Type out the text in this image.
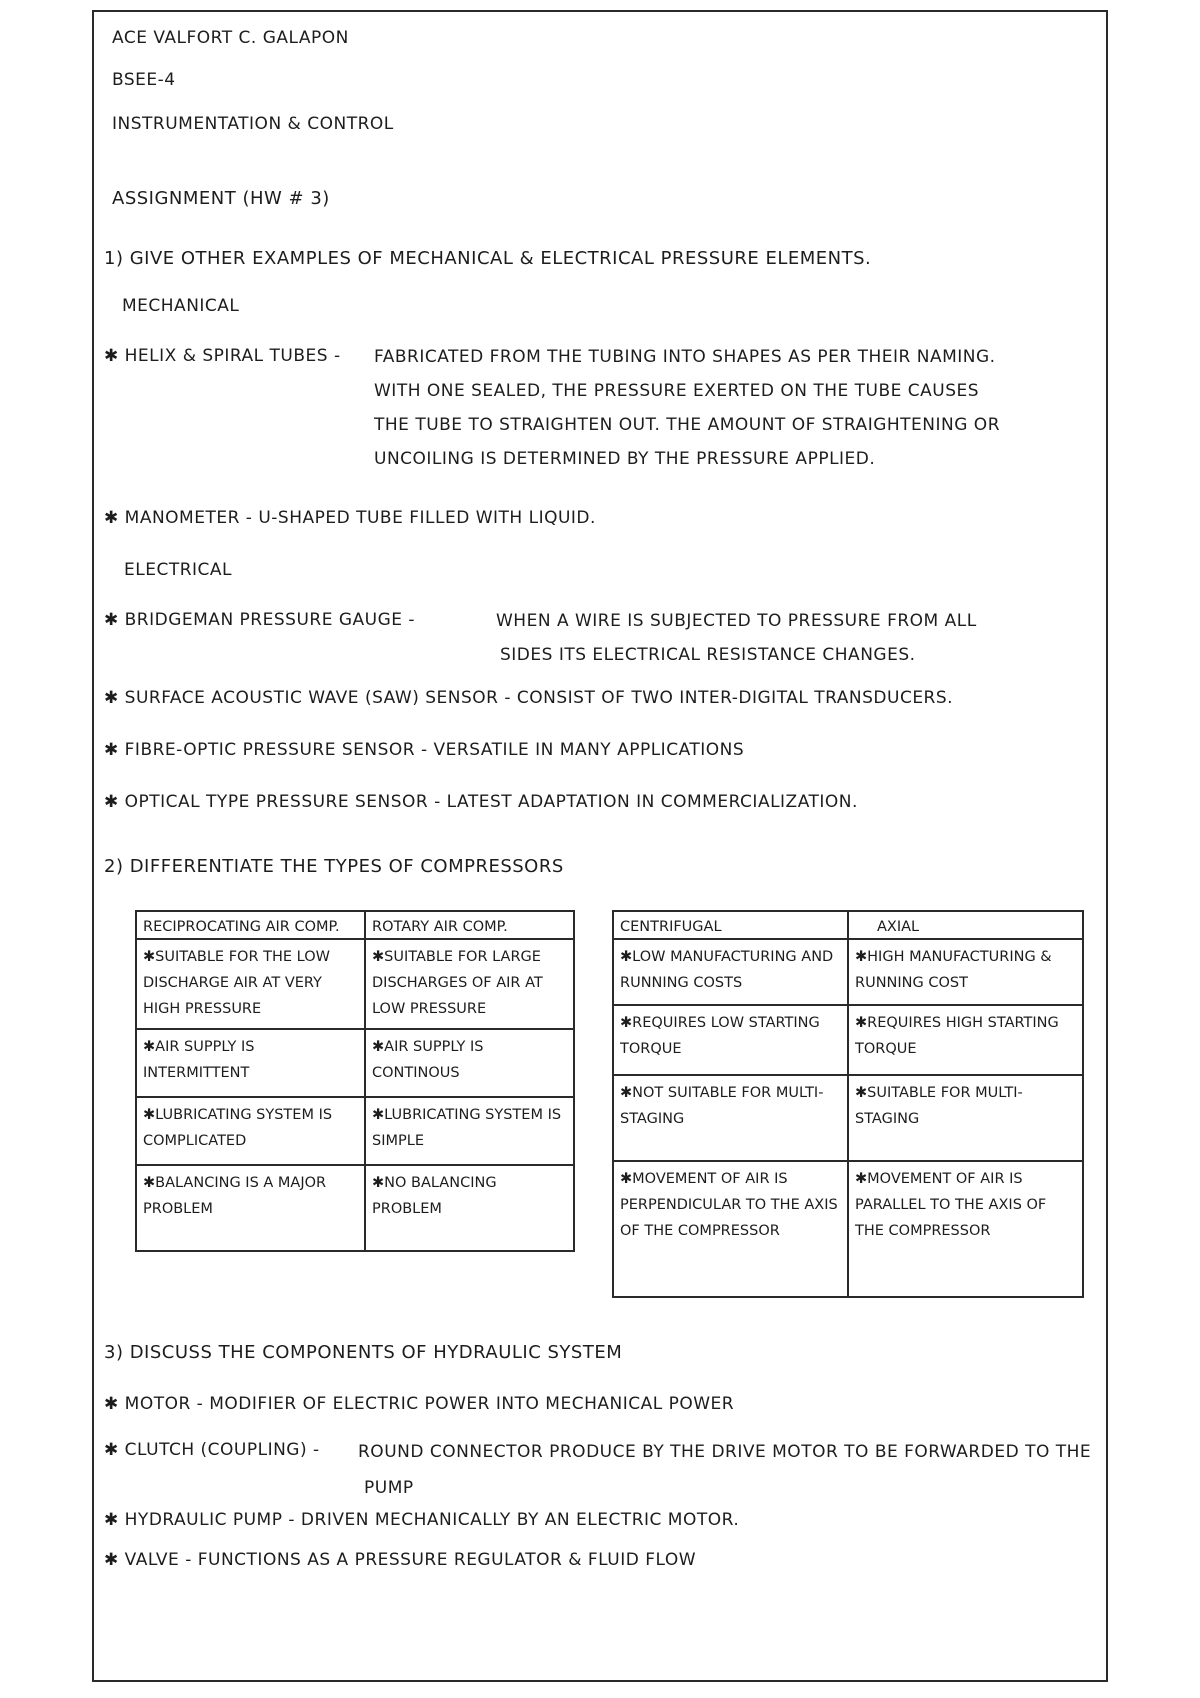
ACE VALFORT C. GALAPON
BSEE-4
INSTRUMENTATION & CONTROL
ASSIGNMENT (HW # 3)
1) GIVE OTHER EXAMPLES OF MECHANICAL & ELECTRICAL PRESSURE ELEMENTS.
MECHANICAL
✱ HELIX & SPIRAL TUBES - FABRICATED FROM THE TUBING INTO SHAPES AS PER THEIR NAMING.
WITH ONE SEALED, THE PRESSURE EXERTED ON THE TUBE CAUSES
THE TUBE TO STRAIGHTEN OUT. THE AMOUNT OF STRAIGHTENING OR
UNCOILING IS DETERMINED BY THE PRESSURE APPLIED.
✱ MANOMETER - U-SHAPED TUBE FILLED WITH LIQUID.
ELECTRICAL
✱ BRIDGEMAN PRESSURE GAUGE -	WHEN A WIRE IS SUBJECTED TO PRESSURE FROM ALL
SIDES ITS ELECTRICAL RESISTANCE CHANGES.
✱ SURFACE ACOUSTIC WAVE (SAW) SENSOR - CONSIST OF TWO INTER-DIGITAL TRANSDUCERS.
✱ FIBRE-OPTIC PRESSURE SENSOR - VERSATILE IN MANY APPLICATIONS
✱ OPTICAL TYPE PRESSURE SENSOR - LATEST ADAPTATION IN COMMERCIALIZATION.
2) DIFFERENTIATE THE TYPES OF COMPRESSORS
RECIPROCATING AIR COMP.	ROTARY AIR COMP.
✱ SUITABLE FOR THE LOW DISCHARGE AIR AT VERY HIGH PRESSURE	✱ SUITABLE FOR LARGE DISCHARGES OF AIR AT LOW PRESSURE
✱ AIR SUPPLY IS INTERMITTENT	✱ AIR SUPPLY IS CONTINOUS
✱ LUBRICATING SYSTEM IS COMPLICATED	✱ LUBRICATING SYSTEM IS SIMPLE
✱ BALANCING IS A MAJOR PROBLEM	✱ NO BALANCING PROBLEM
CENTRIFUGAL	AXIAL
✱ LOW MANUFACTURING AND RUNNING COSTS	✱ HIGH MANUFACTURING & RUNNING COST
✱ REQUIRES LOW STARTING TORQUE	✱ REQUIRES HIGH STARTING TORQUE
✱ NOT SUITABLE FOR MULTI-STAGING	✱ SUITABLE FOR MULTI-STAGING
✱ MOVEMENT OF AIR IS PERPENDICULAR TO THE AXIS OF THE COMPRESSOR	✱ MOVEMENT OF AIR IS PARALLEL TO THE AXIS OF THE COMPRESSOR
3) DISCUSS THE COMPONENTS OF HYDRAULIC SYSTEM
✱ MOTOR - MODIFIER OF ELECTRIC POWER INTO MECHANICAL POWER
✱ CLUTCH (COUPLING) - ROUND CONNECTOR PRODUCE BY THE DRIVE MOTOR TO BE FORWARDED TO THE
PUMP
✱ HYDRAULIC PUMP - DRIVEN MECHANICALLY BY AN ELECTRIC MOTOR.
✱ VALVE - FUNCTIONS AS A PRESSURE REGULATOR & FLUID FLOW
